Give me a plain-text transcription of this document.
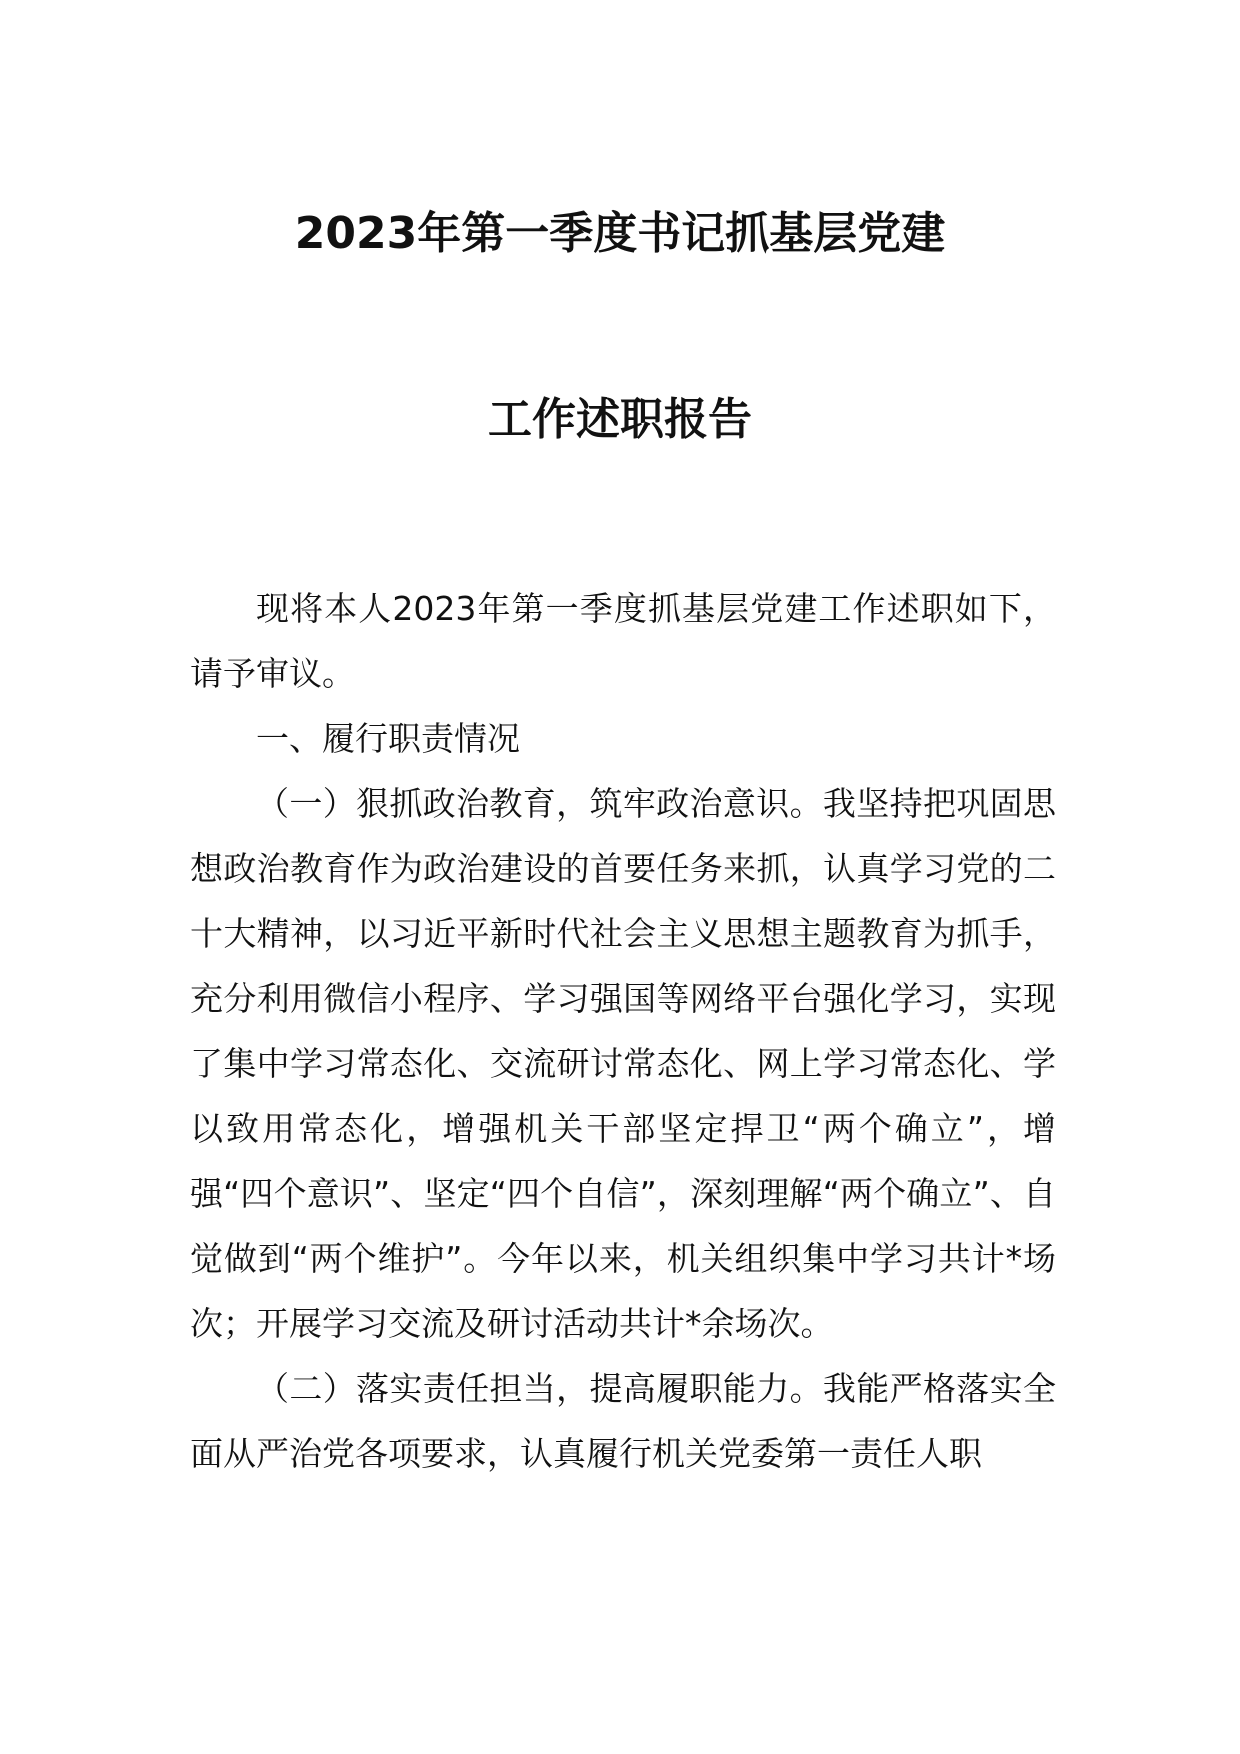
2023年第一季度书记抓基层党建
工作述职报告

现将本人2023年第一季度抓基层党建工作述职如下，请予审议。

一、履行职责情况

（一）狠抓政治教育，筑牢政治意识。我坚持把巩固思想政治教育作为政治建设的首要任务来抓，认真学习党的二十大精神，以习近平新时代社会主义思想主题教育为抓手，充分利用微信小程序、学习强国等网络平台强化学习，实现了集中学习常态化、交流研讨常态化、网上学习常态化、学以致用常态化，增强机关干部坚定捍卫“两个确立”，增强“四个意识”、坚定“四个自信”，深刻理解“两个确立”、自觉做到“两个维护”。今年以来，机关组织集中学习共计*场次；开展学习交流及研讨活动共计*余场次。

（二）落实责任担当，提高履职能力。我能严格落实全面从严治党各项要求，认真履行机关党委第一责任人职
